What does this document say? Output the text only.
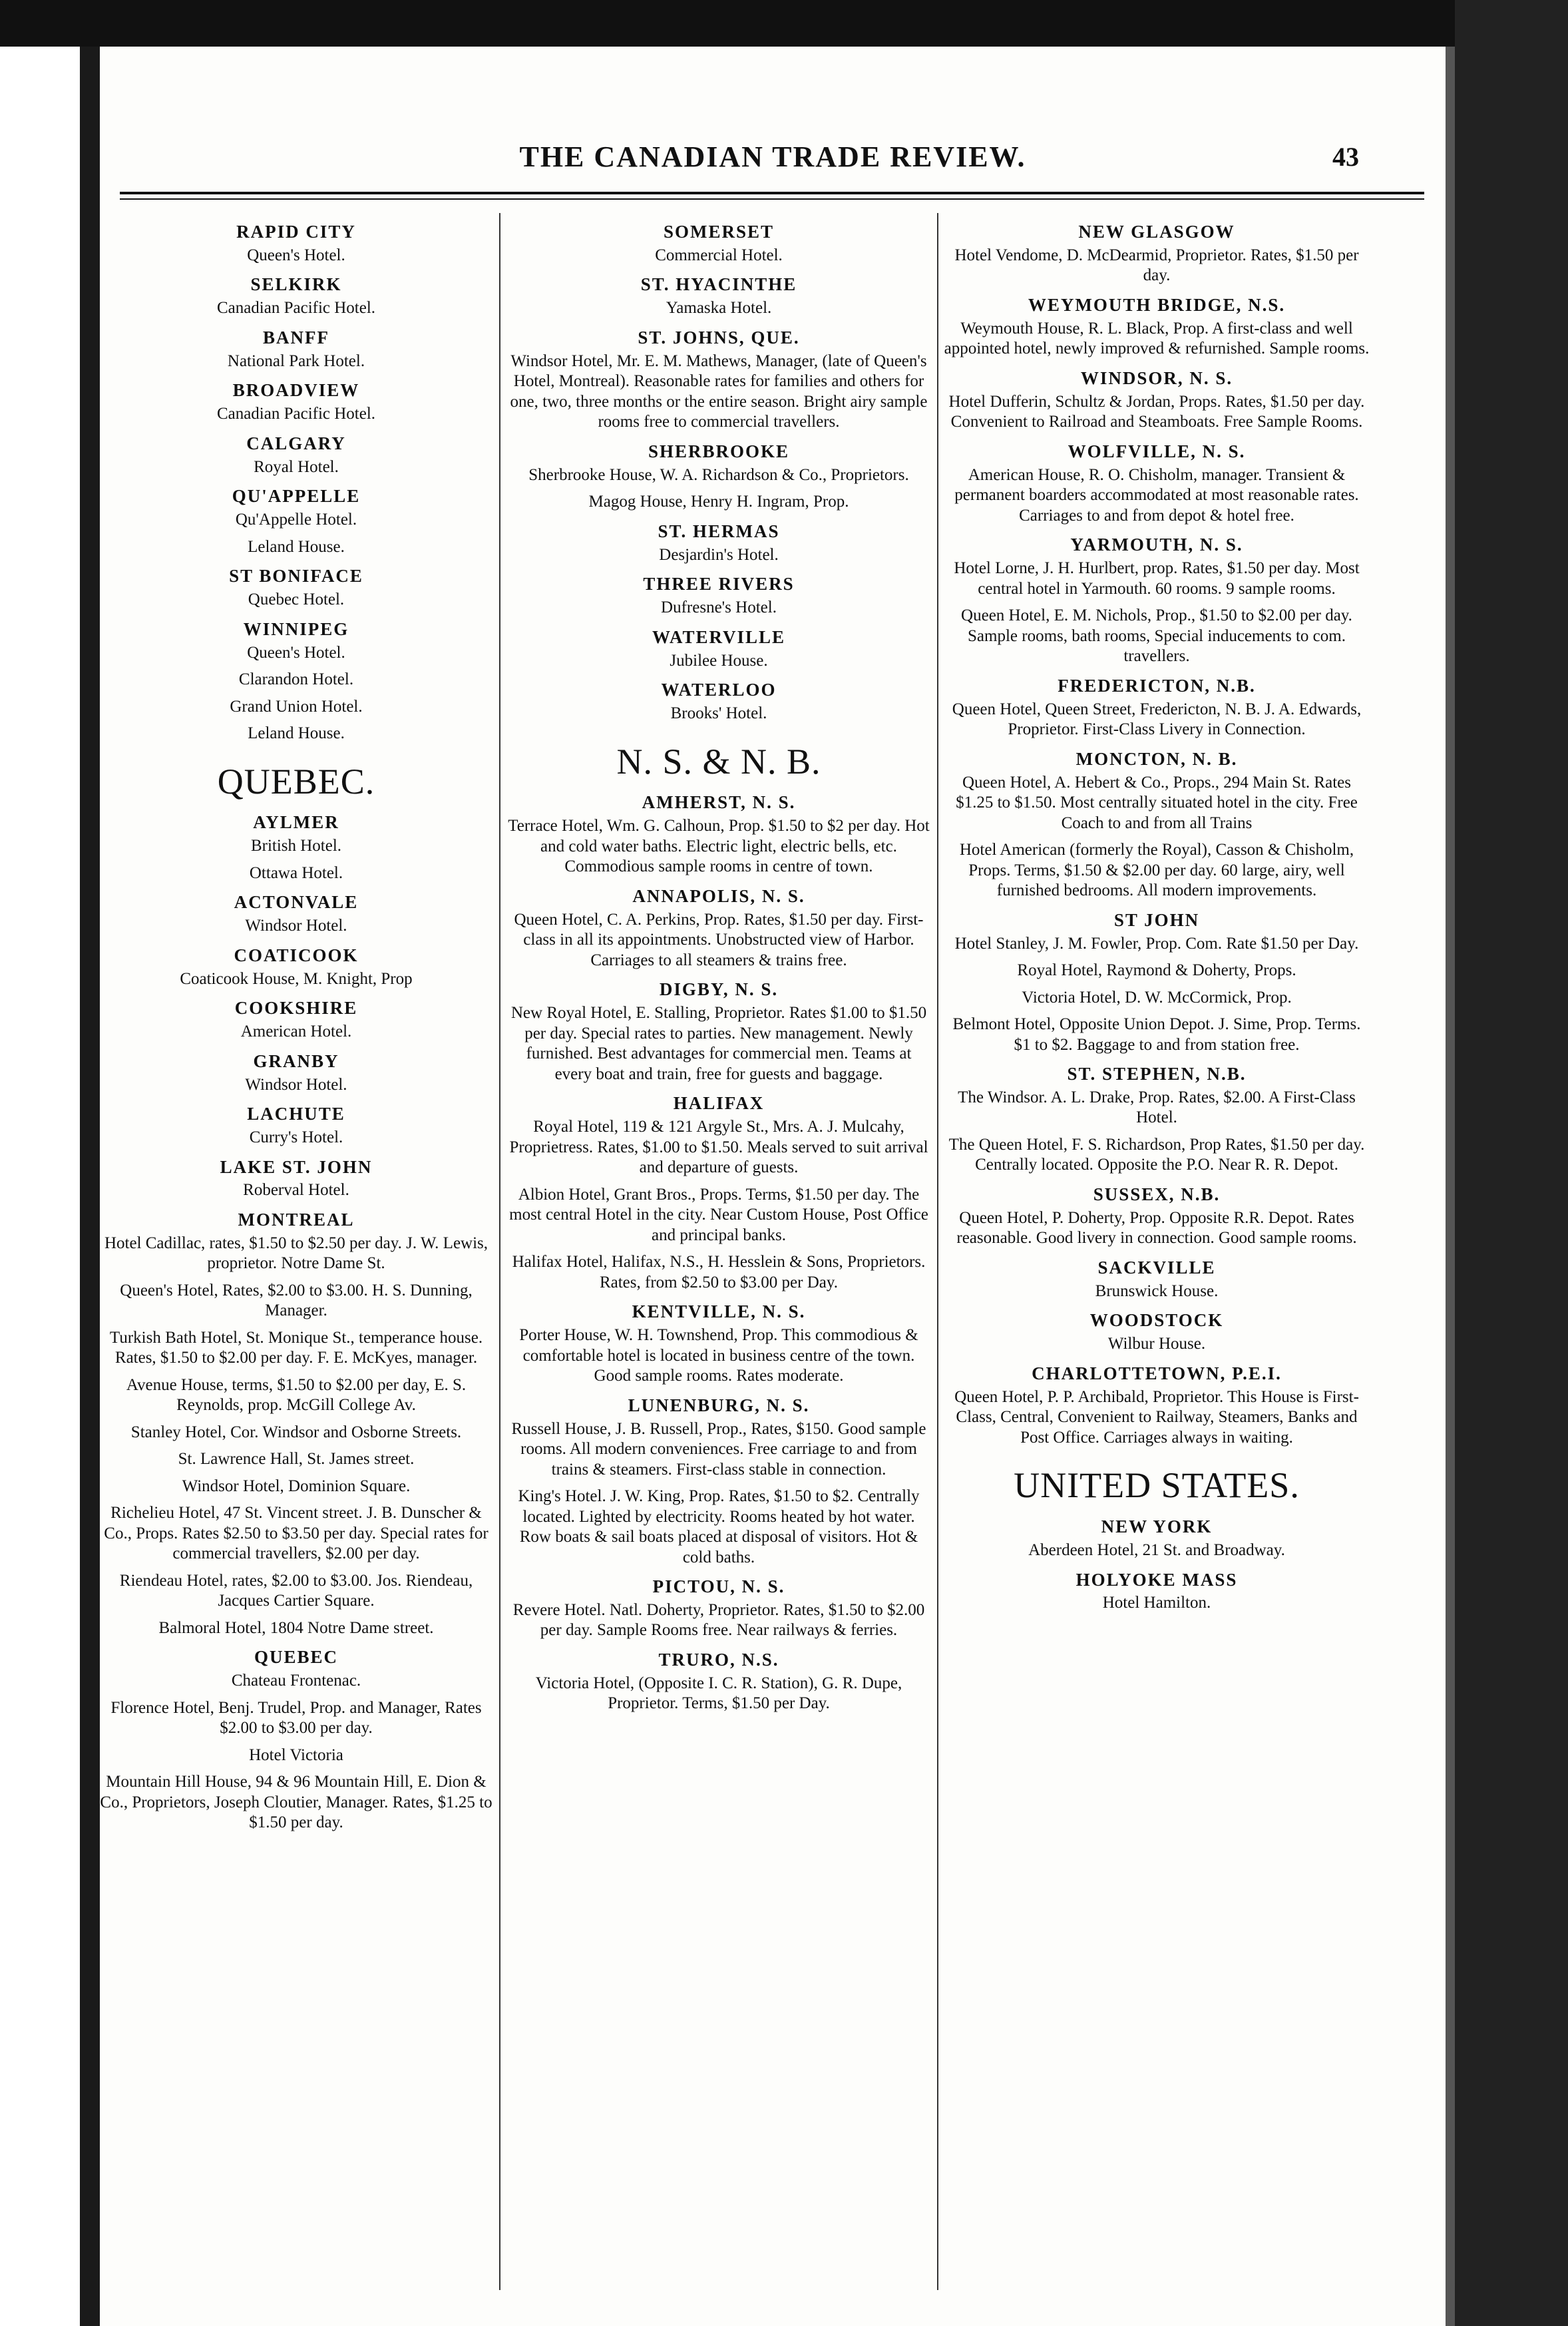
THE CANADIAN TRADE REVIEW.	43
RAPID CITY
Queen's Hotel.
SELKIRK
Canadian Pacific Hotel.
BANFF
National Park Hotel.
BROADVIEW
Canadian Pacific Hotel.
CALGARY
Royal Hotel.
QU'APPELLE
Qu'Appelle Hotel.
Leland House.
ST BONIFACE
Quebec Hotel.
WINNIPEG
Queen's Hotel.
Clarandon Hotel.
Grand Union Hotel.
Leland House.
QUEBEC.
AYLMER
British Hotel.
Ottawa Hotel.
ACTONVALE
Windsor Hotel.
COATICOOK
Coaticook House, M. Knight, Prop
COOKSHIRE
American Hotel.
GRANBY
Windsor Hotel.
LACHUTE
Curry's Hotel.
LAKE ST. JOHN
Roberval Hotel.
MONTREAL
Hotel Cadillac, rates, $1.50 to $2.50 per day. J. W. Lewis, proprietor. Notre Dame St.
Queen's Hotel, Rates, $2.00 to $3.00. H. S. Dunning, Manager.
Turkish Bath Hotel, St. Monique St., temperance house. Rates, $1.50 to $2.00 per day. F. E. McKyes, manager.
Avenue House, terms, $1.50 to $2.00 per day, E. S. Reynolds, prop. McGill College Av.
Stanley Hotel, Cor. Windsor and Osborne Streets.
St. Lawrence Hall, St. James street.
Windsor Hotel, Dominion Square.
Richelieu Hotel, 47 St. Vincent street. J. B. Dunscher & Co., Props. Rates $2.50 to $3.50 per day. Special rates for commercial travellers, $2.00 per day.
Riendeau Hotel, rates, $2.00 to $3.00. Jos. Riendeau, Jacques Cartier Square.
Balmoral Hotel, 1804 Notre Dame street.
QUEBEC
Chateau Frontenac.
Florence Hotel, Benj. Trudel, Prop. and Manager, Rates $2.00 to $3.00 per day.
Hotel Victoria
Mountain Hill House, 94 & 96 Mountain Hill, E. Dion & Co., Proprietors, Joseph Cloutier, Manager. Rates, $1.25 to $1.50 per day.
SOMERSET
Commercial Hotel.
ST. HYACINTHE
Yamaska Hotel.
ST. JOHNS, QUE.
Windsor Hotel, Mr. E. M. Mathews, Manager, (late of Queen's Hotel, Montreal). Reasonable rates for families and others for one, two, three months or the entire season. Bright airy sample rooms free to commercial travellers.
SHERBROOKE
Sherbrooke House, W. A. Richardson & Co., Proprietors.
Magog House, Henry H. Ingram, Prop.
ST. HERMAS
Desjardin's Hotel.
THREE RIVERS
Dufresne's Hotel.
WATERVILLE
Jubilee House.
WATERLOO
Brooks' Hotel.
N. S. & N. B.
AMHERST, N. S.
Terrace Hotel, Wm. G. Calhoun, Prop. $1.50 to $2 per day. Hot and cold water baths. Electric light, electric bells, etc. Commodious sample rooms in centre of town.
ANNAPOLIS, N. S.
Queen Hotel, C. A. Perkins, Prop. Rates, $1.50 per day. First-class in all its appointments. Unobstructed view of Harbor. Carriages to all steamers & trains free.
DIGBY, N. S.
New Royal Hotel, E. Stalling, Proprietor. Rates $1.00 to $1.50 per day. Special rates to parties. New management. Newly furnished. Best advantages for commercial men. Teams at every boat and train, free for guests and baggage.
HALIFAX
Royal Hotel, 119 & 121 Argyle St., Mrs. A. J. Mulcahy, Proprietress. Rates, $1.00 to $1.50. Meals served to suit arrival and departure of guests.
Albion Hotel, Grant Bros., Props. Terms, $1.50 per day. The most central Hotel in the city. Near Custom House, Post Office and principal banks.
Halifax Hotel, Halifax, N.S., H. Hesslein & Sons, Proprietors. Rates, from $2.50 to $3.00 per Day.
KENTVILLE, N. S.
Porter House, W. H. Townshend, Prop. This commodious & comfortable hotel is located in business centre of the town. Good sample rooms. Rates moderate.
LUNENBURG, N. S.
Russell House, J. B. Russell, Prop., Rates, $150. Good sample rooms. All modern conveniences. Free carriage to and from trains & steamers. First-class stable in connection.
King's Hotel. J. W. King, Prop. Rates, $1.50 to $2. Centrally located. Lighted by electricity. Rooms heated by hot water. Row boats & sail boats placed at disposal of visitors. Hot & cold baths.
PICTOU, N. S.
Revere Hotel. Natl. Doherty, Proprietor. Rates, $1.50 to $2.00 per day. Sample Rooms free. Near railways & ferries.
TRURO, N.S.
Victoria Hotel, (Opposite I. C. R. Station), G. R. Dupe, Proprietor. Terms, $1.50 per Day.
NEW GLASGOW
Hotel Vendome, D. McDearmid, Proprietor. Rates, $1.50 per day.
WEYMOUTH BRIDGE, N.S.
Weymouth House, R. L. Black, Prop. A first-class and well appointed hotel, newly improved & refurnished. Sample rooms.
WINDSOR, N. S.
Hotel Dufferin, Schultz & Jordan, Props. Rates, $1.50 per day. Convenient to Railroad and Steamboats. Free Sample Rooms.
WOLFVILLE, N. S.
American House, R. O. Chisholm, manager. Transient & permanent boarders accommodated at most reasonable rates. Carriages to and from depot & hotel free.
YARMOUTH, N. S.
Hotel Lorne, J. H. Hurlbert, prop. Rates, $1.50 per day. Most central hotel in Yarmouth. 60 rooms. 9 sample rooms.
Queen Hotel, E. M. Nichols, Prop., $1.50 to $2.00 per day. Sample rooms, bath rooms, Special inducements to com. travellers.
FREDERICTON, N.B.
Queen Hotel, Queen Street, Fredericton, N. B. J. A. Edwards, Proprietor. First-Class Livery in Connection.
MONCTON, N. B.
Queen Hotel, A. Hebert & Co., Props., 294 Main St. Rates $1.25 to $1.50. Most centrally situated hotel in the city. Free Coach to and from all Trains
Hotel American (formerly the Royal), Casson & Chisholm, Props. Terms, $1.50 & $2.00 per day. 60 large, airy, well furnished bedrooms. All modern improvements.
ST JOHN
Hotel Stanley, J. M. Fowler, Prop. Com. Rate $1.50 per Day.
Royal Hotel, Raymond & Doherty, Props.
Victoria Hotel, D. W. McCormick, Prop.
Belmont Hotel, Opposite Union Depot. J. Sime, Prop. Terms. $1 to $2. Baggage to and from station free.
ST. STEPHEN, N.B.
The Windsor. A. L. Drake, Prop. Rates, $2.00. A First-Class Hotel.
The Queen Hotel, F. S. Richardson, Prop Rates, $1.50 per day. Centrally located. Opposite the P.O. Near R. R. Depot.
SUSSEX, N.B.
Queen Hotel, P. Doherty, Prop. Opposite R.R. Depot. Rates reasonable. Good livery in connection. Good sample rooms.
SACKVILLE
Brunswick House.
WOODSTOCK
Wilbur House.
CHARLOTTETOWN, P.E.I.
Queen Hotel, P. P. Archibald, Proprietor. This House is First-Class, Central, Convenient to Railway, Steamers, Banks and Post Office. Carriages always in waiting.
UNITED STATES.
NEW YORK
Aberdeen Hotel, 21 St. and Broadway.
HOLYOKE MASS
Hotel Hamilton.
